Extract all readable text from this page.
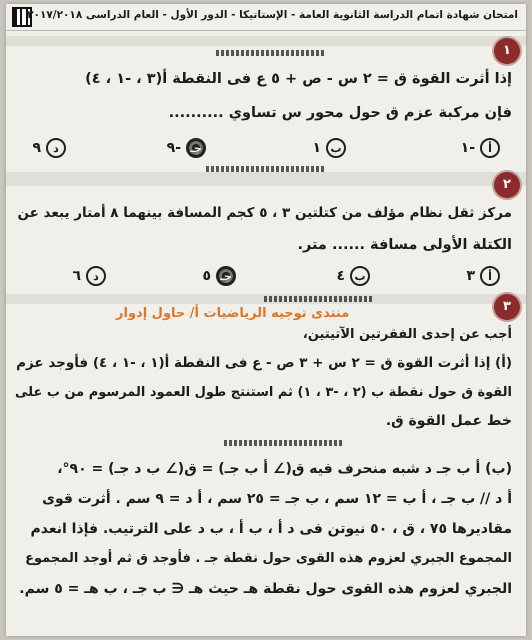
امتحان شهادة اتمام الدراسة الثانوية العامة - الإستاتيكا - الدور الأول - العام الدراسى ٢٠١٧/٢٠١٨
١
إذا أثرت القوة ق = ٢ س - ص + ٥ ع فى النقطة أ(٣ ، -١ ، ٤)
فإن مركبة عزم ق حول محور س تساوي ..........
أ
-١
ب
١
جـ
-٩
د
٩
٢
مركز ثقل نظام مؤلف من كتلتين ٣ ، ٥ كجم المسافة بينهما ٨ أمتار يبعد عن
الكتلة الأولى مسافة ...... متر.
أ
٣
ب
٤
جـ
٥
د
٦
٣
منتدى توجيه الرياضيات أ/ حاول إدوار
أجب عن إحدى الفقرتين الآتيتين،
(أ) إذا أثرت القوة ق = ٢ س + ٣ ص - ع فى النقطة أ(١ ، -١ ، ٤) فأوجد عزم
القوة ق حول نقطة ب (٢ ، -٣ ، ١) ثم استنتج طول العمود المرسوم من ب على
خط عمل القوة ق.
(ب) أ ب جـ د شبه منحرف فيه ق(∠ أ ب جـ) = ق(∠ ب د جـ) = ٩٠°،
أ د // ب جـ ، أ ب = ١٢ سم ، ب جـ = ٢٥ سم ، أ د = ٩ سم . أثرت قوى
مقاديرها ٧٥ ، ق ، ٥٠ نيوتن فى د أ ، ب أ ، ب د على الترتيب. فإذا انعدم
المجموع الجبري لعزوم هذه القوى حول نقطة جـ . فأوجد ق ثم أوجد المجموع
الجبري لعزوم هذه القوى حول نقطة هـ حيث هـ ∈ ب جـ ، ب هـ = ٥ سم.
